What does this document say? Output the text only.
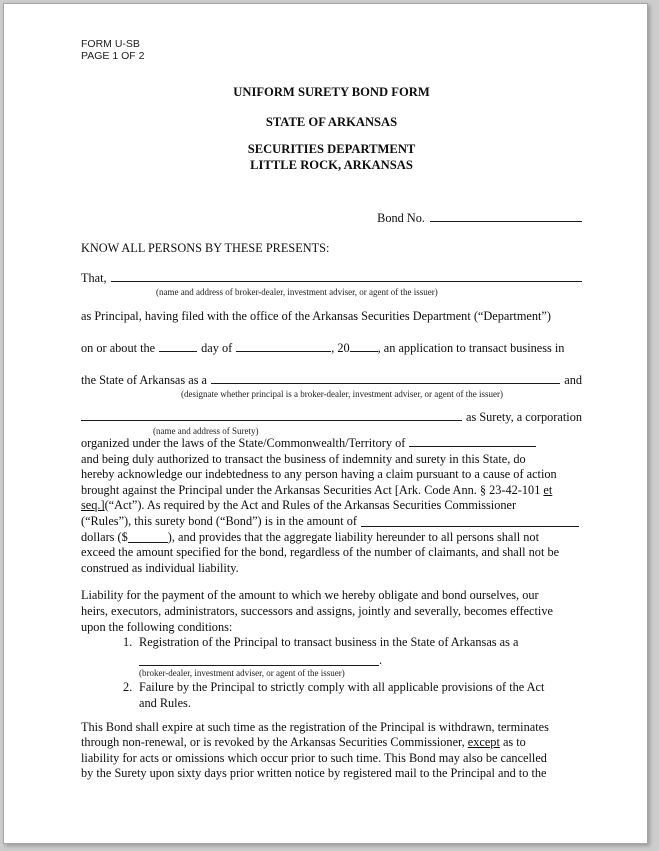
FORM U-SB
PAGE 1 OF 2
UNIFORM SURETY BOND FORM
STATE OF ARKANSAS
SECURITIES DEPARTMENT
LITTLE ROCK, ARKANSAS
Bond No.
KNOW ALL PERSONS BY THESE PRESENTS:
That,
(name and address of broker-dealer, investment adviser, or agent of the issuer)
as Principal, having filed with the office of the Arkansas Securities Department (“Department”)
on or about the	day of	, 20 , an application to transact business in
the State of Arkansas as a	and
(designate whether principal is a broker-dealer, investment adviser, or agent of the issuer)
as Surety, a corporation
(name and address of Surety)
organized under the laws of the State/Commonwealth/Territory of
and being duly authorized to transact the business of indemnity and surety in this State, do
hereby acknowledge our indebtedness to any person having a claim pursuant to a cause of action
brought against the Principal under the Arkansas Securities Act [Ark. Code Ann. § 23-42-101 et
seq.](“Act”). As required by the Act and Rules of the Arkansas Securities Commissioner
(“Rules”), this surety bond (“Bond”) is in the amount of
dollars ($	), and provides that the aggregate liability hereunder to all persons shall not
exceed the amount specified for the bond, regardless of the number of claimants, and shall not be
construed as individual liability.
Liability for the payment of the amount to which we hereby obligate and bond ourselves, our
heirs, executors, administrators, successors and assigns, jointly and severally, becomes effective
upon the following conditions:
1. Registration of the Principal to transact business in the State of Arkansas as a
.
(broker-dealer, investment adviser, or agent of the issuer)
2. Failure by the Principal to strictly comply with all applicable provisions of the Act
and Rules.
This Bond shall expire at such time as the registration of the Principal is withdrawn, terminates
through non-renewal, or is revoked by the Arkansas Securities Commissioner, except as to
liability for acts or omissions which occur prior to such time. This Bond may also be cancelled
by the Surety upon sixty days prior written notice by registered mail to the Principal and to the
